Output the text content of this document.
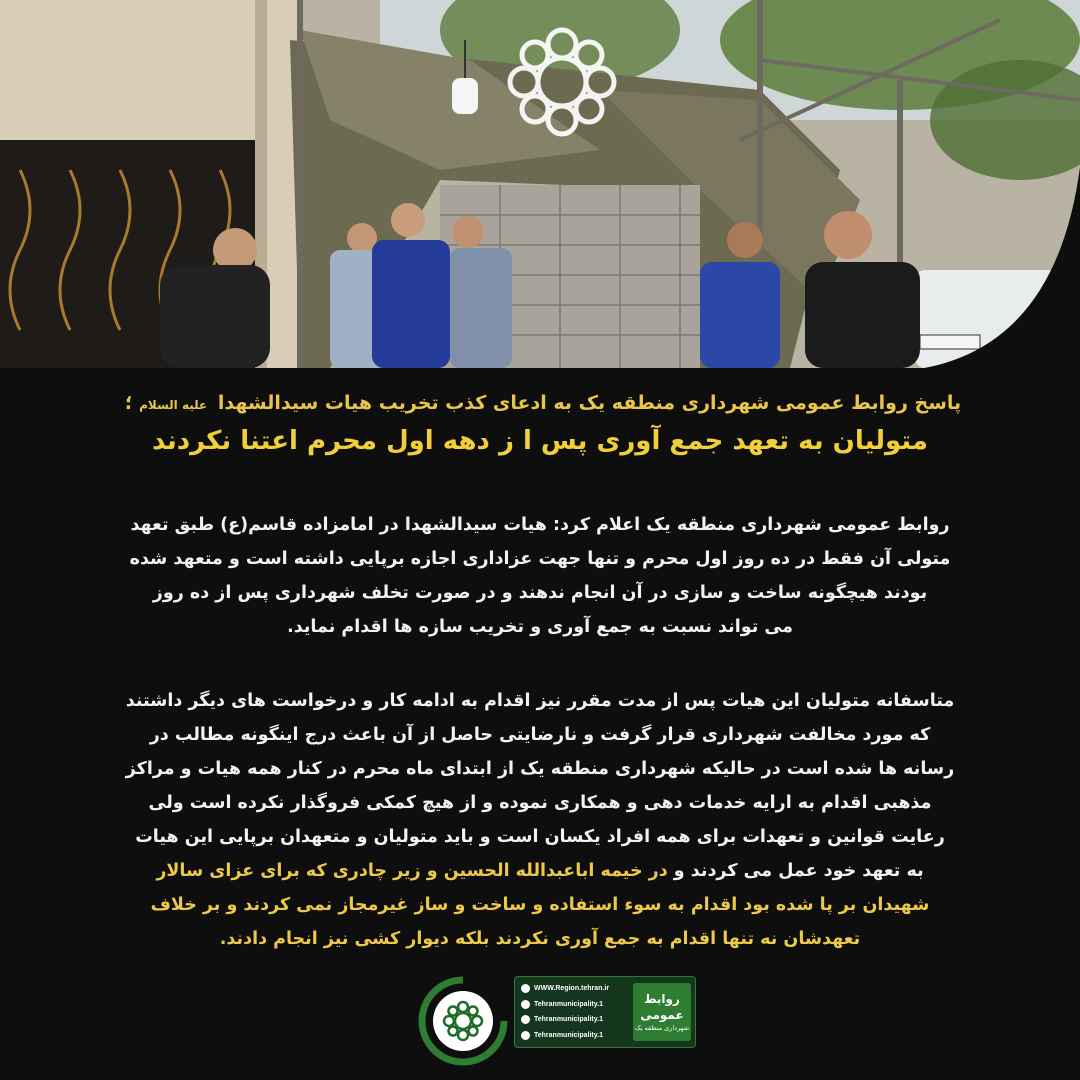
پاسخ روابط عمومی شهرداری منطقه یک به ادعای کذب تخریب هیات سیدالشهدا علیه السلام ؛
متولیان به تعهد جمع آوری پس ا ز دهه اول محرم اعتنا نکردند
روابط عمومی شهرداری منطقه یک اعلام کرد: هیات سیدالشهدا در امامزاده قاسم(ع) طبق تعهد
متولی آن فقط در ده روز اول محرم و تنها جهت عزاداری اجازه برپایی داشته است و متعهد شده
بودند هیچگونه ساخت و سازی در آن انجام ندهند و در صورت تخلف شهرداری پس از ده روز
می تواند نسبت به جمع آوری و تخریب سازه ها اقدام نماید.
متاسفانه متولیان این هیات پس از مدت مقرر نیز اقدام به ادامه کار و درخواست های دیگر داشتند
که مورد مخالفت شهرداری قرار گرفت و نارضایتی حاصل از آن باعث درج اینگونه مطالب در
رسانه ها شده است در حالیکه شهرداری منطقه یک از ابتدای ماه محرم در کنار همه هیات و مراکز
مذهبی اقدام به ارایه خدمات دهی و همکاری نموده و از هیچ کمکی فروگذار نکرده است ولی
رعایت قوانین و تعهدات برای همه افراد یکسان است و باید متولیان و متعهدان برپایی این هیات
به تعهد خود عمل می کردند و در خیمه اباعبدالله الحسین و زیر چادری که برای عزای سالار
شهیدان بر پا شده بود اقدام به سوء استفاده و ساخت و ساز غیرمجاز نمی کردند و بر خلاف
تعهدشان نه تنها اقدام به جمع آوری نکردند بلکه دیوار کشی نیز انجام دادند.
WWW.Region.tehran.ir
Tehranmunicipality.1
Tehranmunicipality.1
Tehranmunicipality.1
روابط عمومی
شهرداری منطقه یک
